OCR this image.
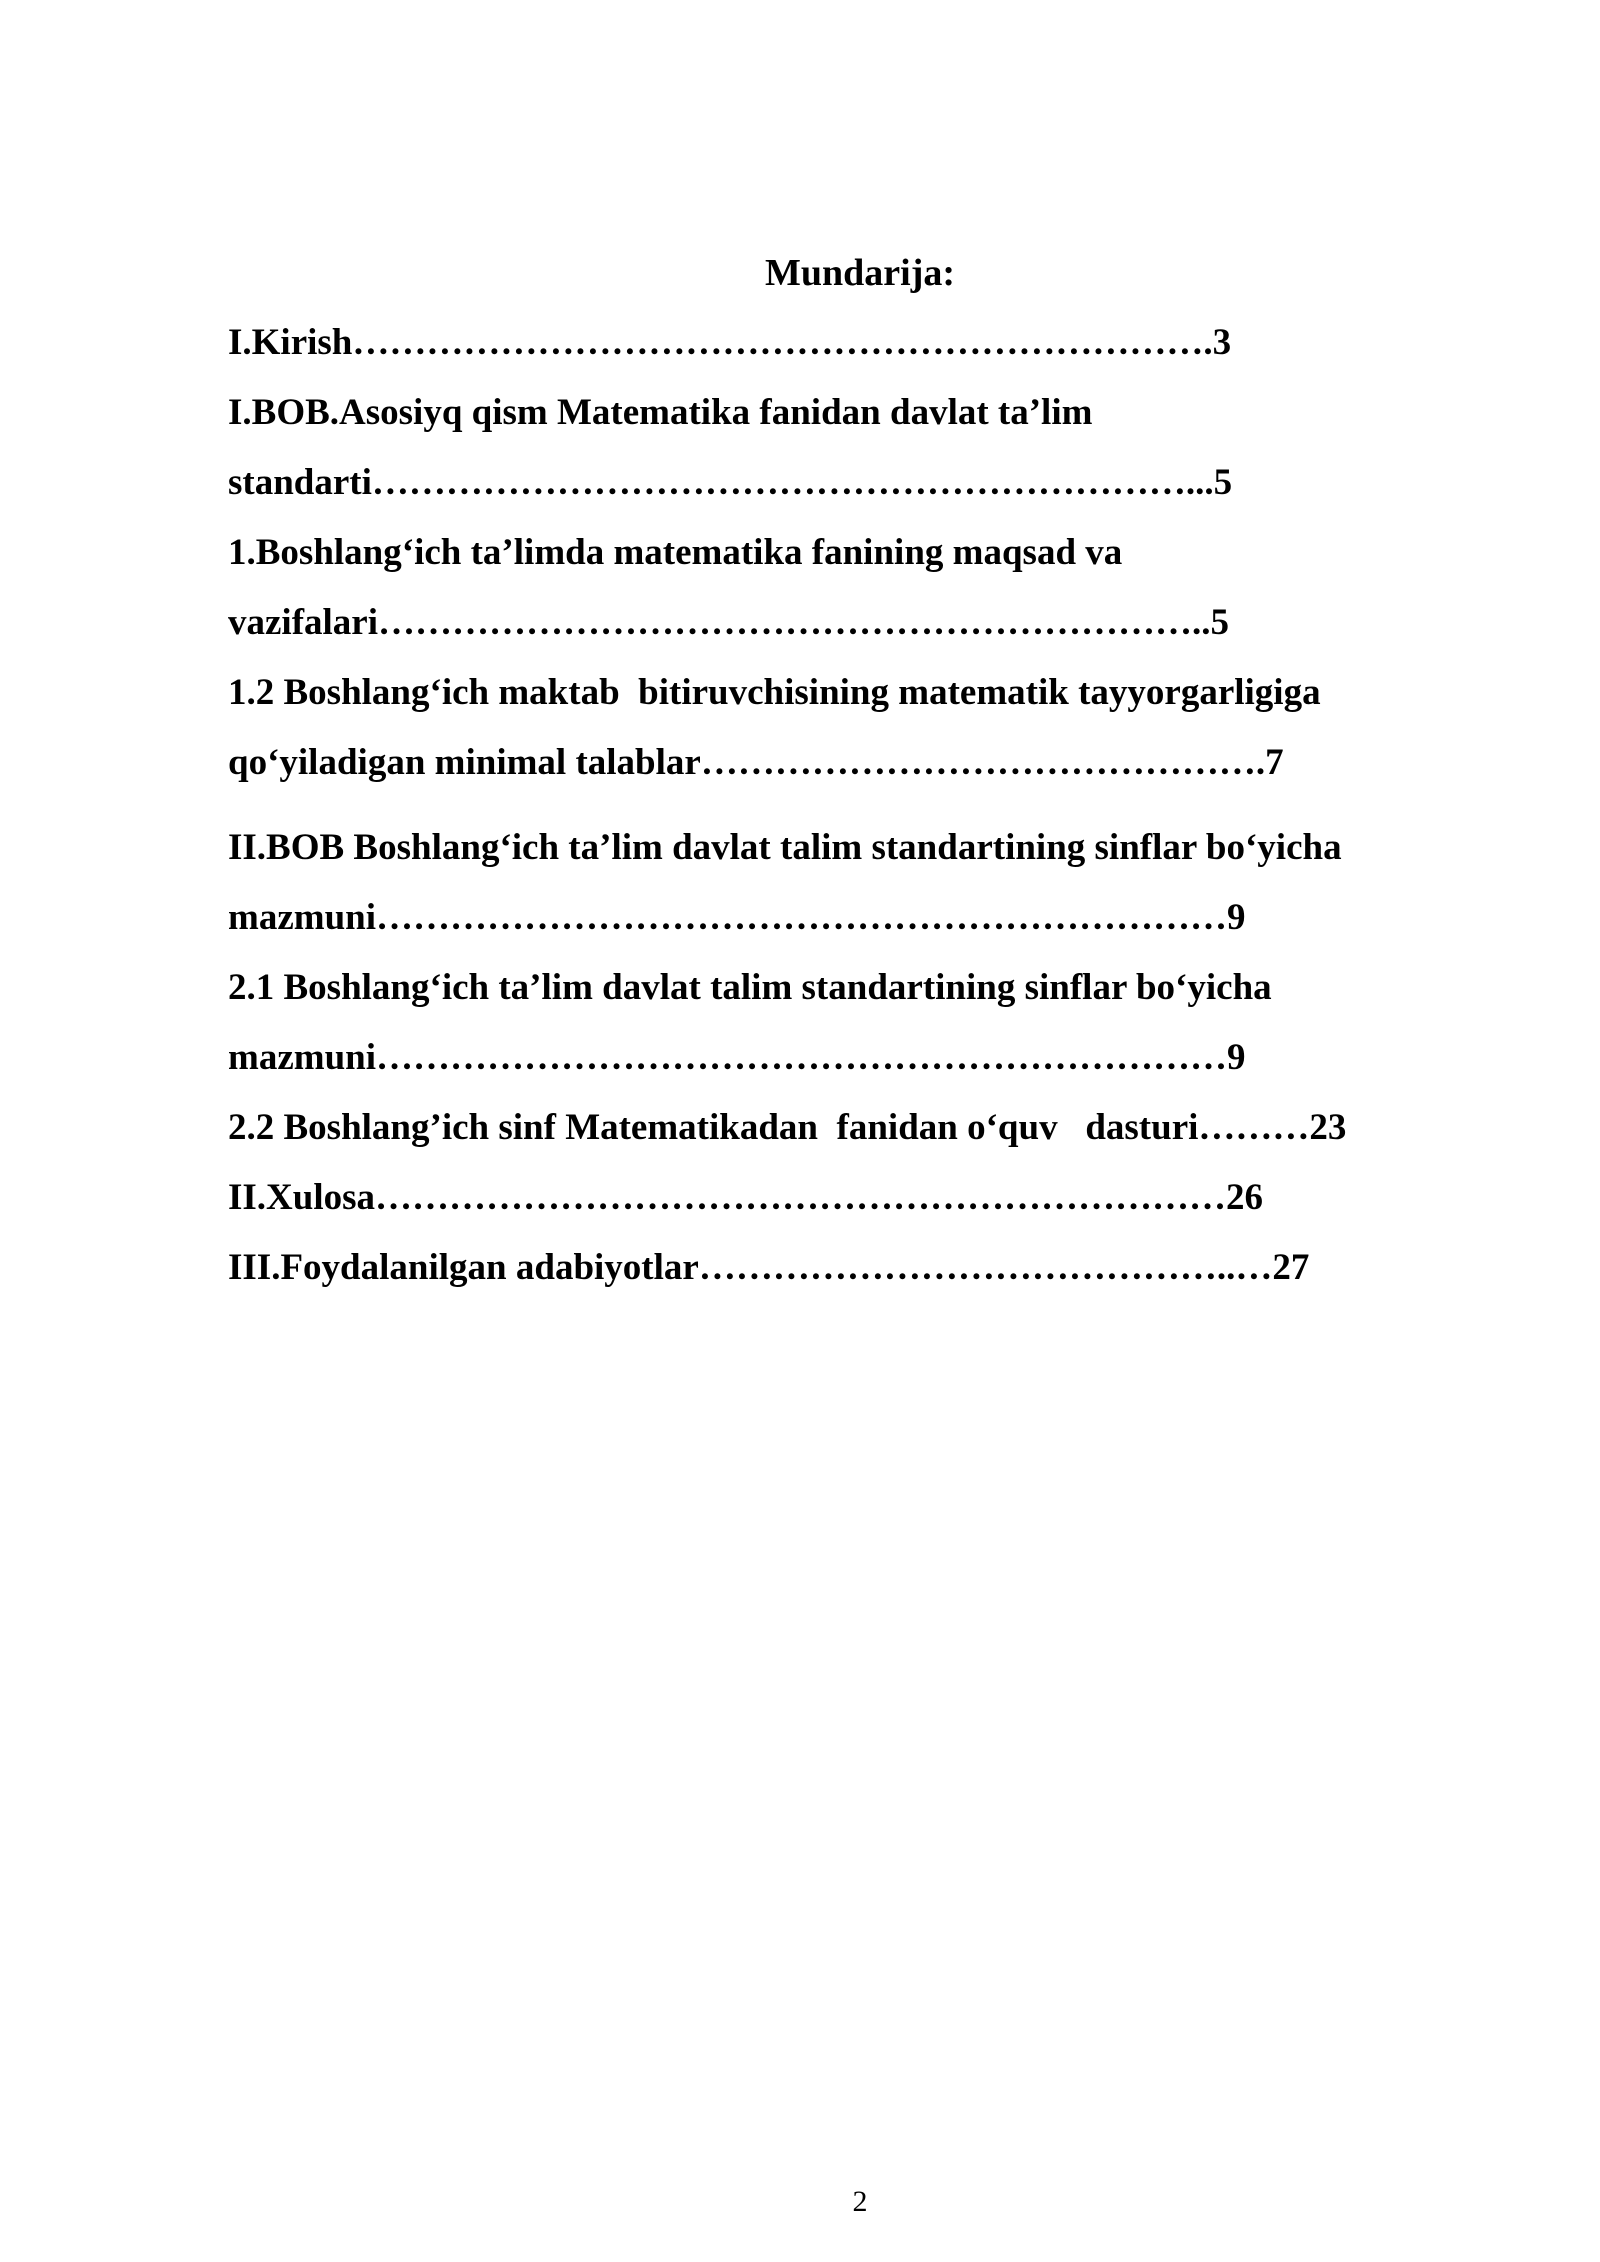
Mundarija:
I.Kirish…………………………………………………………….3
I.BOB.Asosiyq qism Matematika fanidan davlat ta’lim
standarti…………………………………………………………...5
1.Boshlang‘ich ta’limda matematika fanining maqsad va
vazifalari…………………………………………………………..5
1.2 Boshlang‘ich maktab  bitiruvchisining matematik tayyorgarligiga
qo‘yiladigan minimal talablar……………………………………….7
II.BOB Boshlang‘ich ta’lim davlat talim standartining sinflar bo‘yicha
mazmuni……………………………………………………………9
2.1 Boshlang‘ich ta’lim davlat talim standartining sinflar bo‘yicha
mazmuni……………………………………………………………9
2.2 Boshlang’ich sinf Matematikadan  fanidan o‘quv   dasturi………23
II.Xulosa……………………………………………………………26
III.Foydalanilgan adabiyotlar……………………………………..…27
2
